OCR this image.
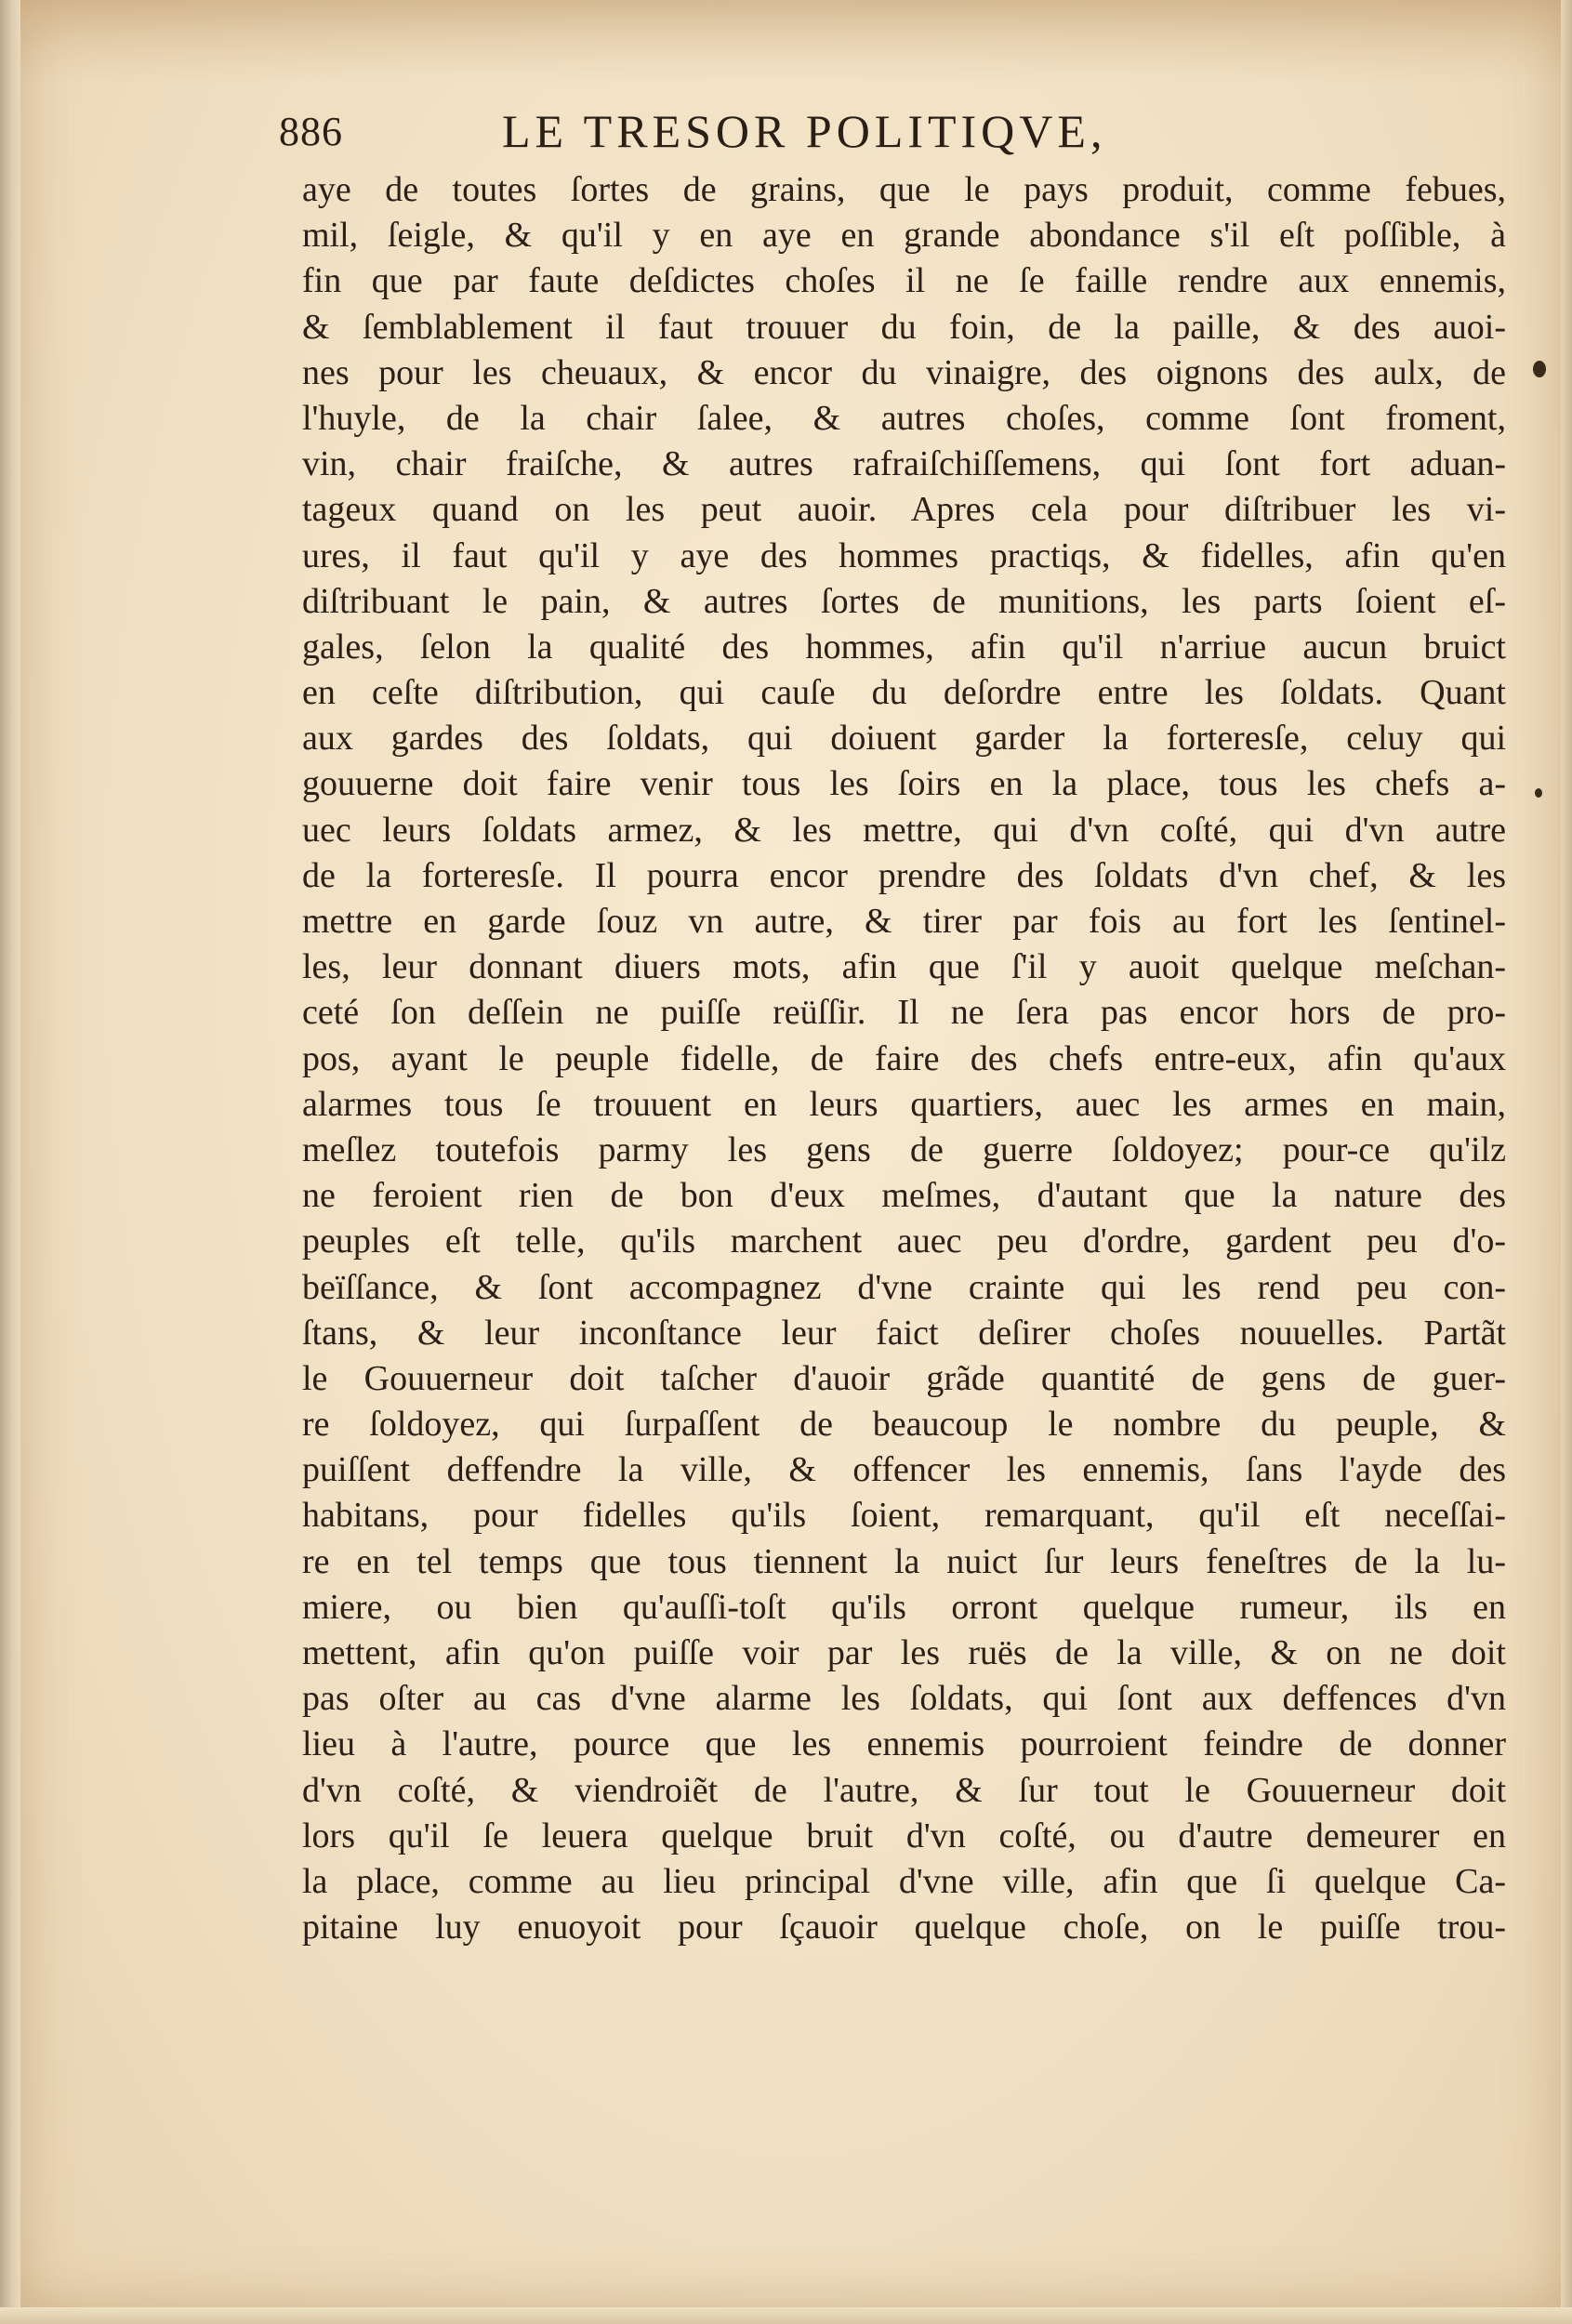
886	LE TRESOR POLITIQVE,
aye de toutes ſortes de grains, que le pays produit, comme febues,
mil, ſeigle, & qu'il y en aye en grande abondance s'il eſt poſſible, à
fin que par faute deſdictes choſes il ne ſe faille rendre aux ennemis,
& ſemblablement il faut trouuer du foin, de la paille, & des auoi-
nes pour les cheuaux, & encor du vinaigre, des oignons des aulx, de
l'huyle, de la chair ſalee, & autres choſes, comme ſont froment,
vin, chair fraiſche, & autres rafraiſchiſſemens, qui ſont fort aduan-
tageux quand on les peut auoir. Apres cela pour diſtribuer les vi-
ures, il faut qu'il y aye des hommes practiqs, & fidelles, afin qu'en
diſtribuant le pain, & autres ſortes de munitions, les parts ſoient eſ-
gales, ſelon la qualité des hommes, afin qu'il n'arriue aucun bruict
en ceſte diſtribution, qui cauſe du deſordre entre les ſoldats. Quant
aux gardes des ſoldats, qui doiuent garder la forteresſe, celuy qui
gouuerne doit faire venir tous les ſoirs en la place, tous les chefs a-
uec leurs ſoldats armez, & les mettre, qui d'vn coſté, qui d'vn autre
de la forteresſe. Il pourra encor prendre des ſoldats d'vn chef, & les
mettre en garde ſouz vn autre, & tirer par fois au fort les ſentinel-
les, leur donnant diuers mots, afin que ſ'il y auoit quelque meſchan-
ceté ſon deſſein ne puiſſe reüſſir. Il ne ſera pas encor hors de pro-
pos, ayant le peuple fidelle, de faire des chefs entre-eux, afin qu'aux
alarmes tous ſe trouuent en leurs quartiers, auec les armes en main,
meſlez toutefois parmy les gens de guerre ſoldoyez; pour-ce qu'ilz
ne feroient rien de bon d'eux meſmes, d'autant que la nature des
peuples eſt telle, qu'ils marchent auec peu d'ordre, gardent peu d'o-
beïſſance, & ſont accompagnez d'vne crainte qui les rend peu con-
ſtans, & leur inconſtance leur faict deſirer choſes nouuelles. Partãt
le Gouuerneur doit taſcher d'auoir grãde quantité de gens de guer-
re ſoldoyez, qui ſurpaſſent de beaucoup le nombre du peuple, &
puiſſent deffendre la ville, & offencer les ennemis, ſans l'ayde des
habitans, pour fidelles qu'ils ſoient, remarquant, qu'il eſt neceſſai-
re en tel temps que tous tiennent la nuict ſur leurs feneſtres de la lu-
miere, ou bien qu'auſſi-toſt qu'ils orront quelque rumeur, ils en
mettent, afin qu'on puiſſe voir par les ruës de la ville, & on ne doit
pas oſter au cas d'vne alarme les ſoldats, qui ſont aux deffences d'vn
lieu à l'autre, pource que les ennemis pourroient feindre de donner
d'vn coſté, & viendroiẽt de l'autre, & ſur tout le Gouuerneur doit
lors qu'il ſe leuera quelque bruit d'vn coſté, ou d'autre demeurer en
la place, comme au lieu principal d'vne ville, afin que ſi quelque Ca-
pitaine luy enuoyoit pour ſçauoir quelque choſe, on le puiſſe trou-
